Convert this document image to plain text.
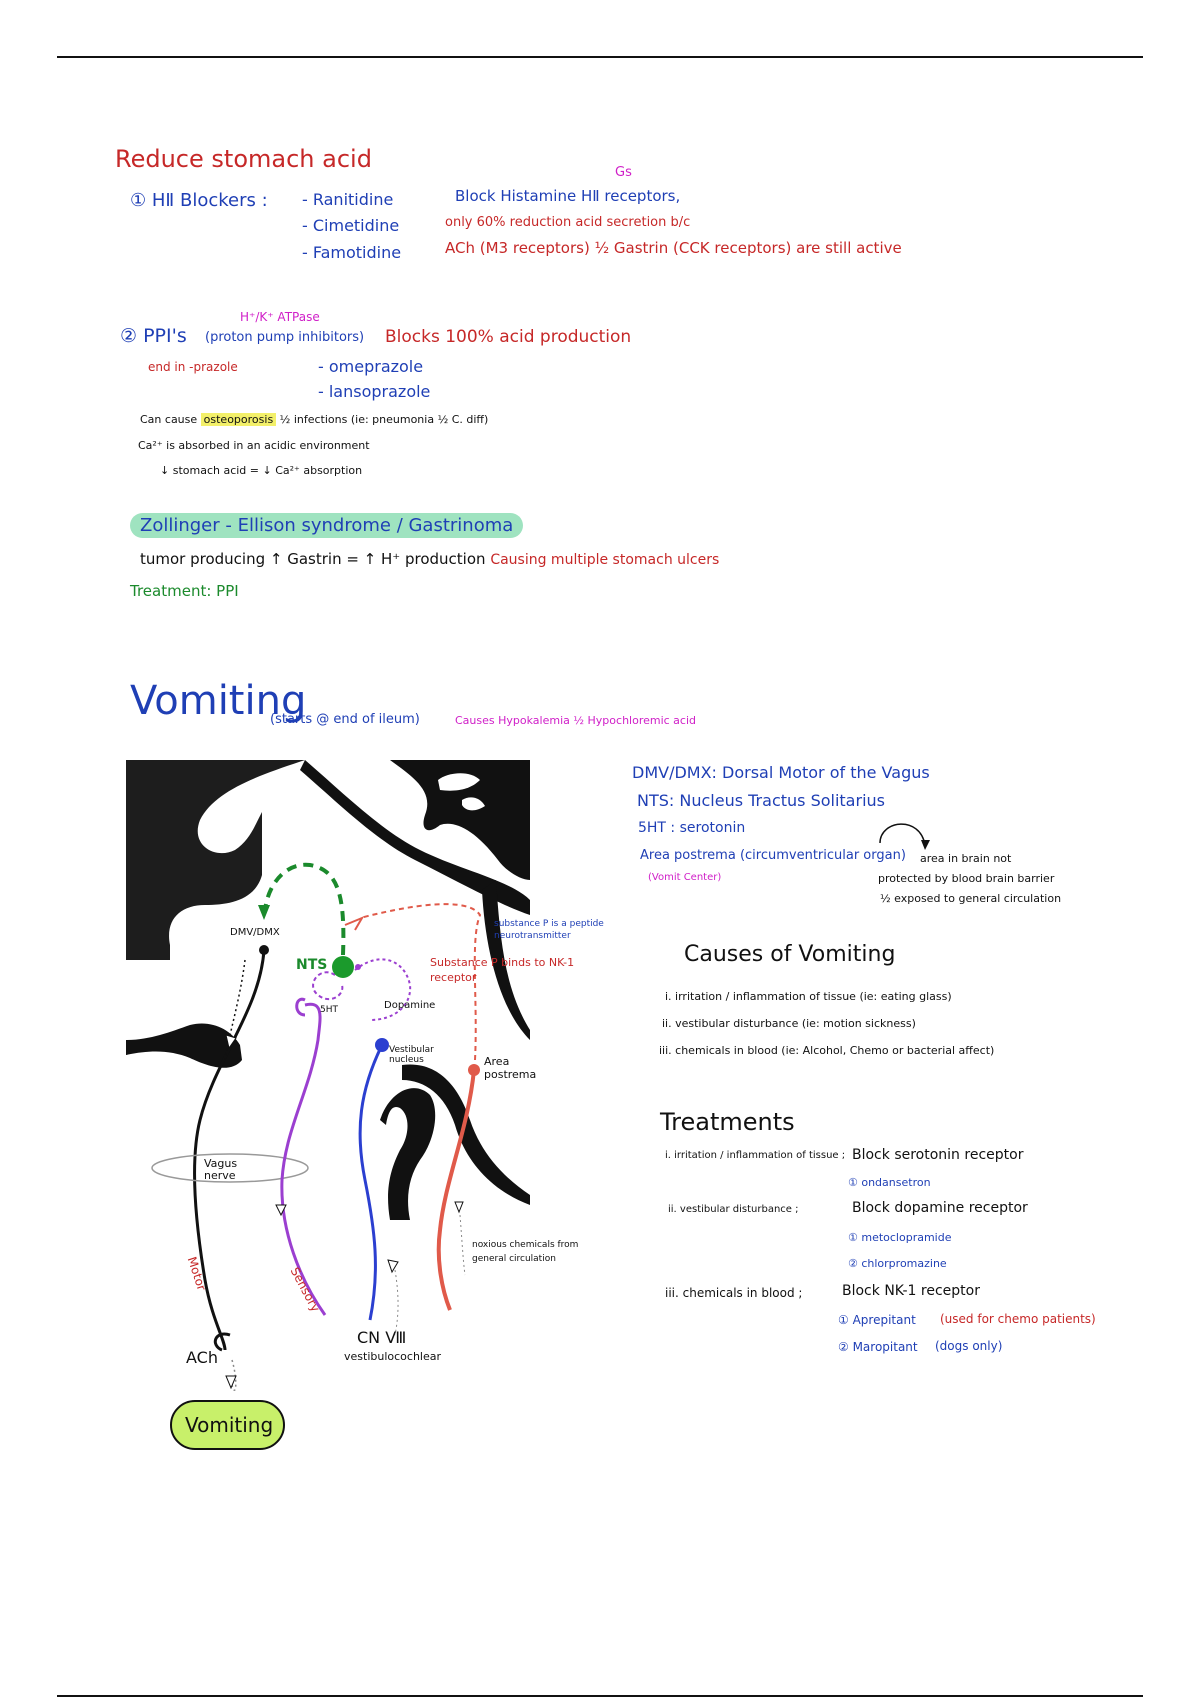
Reduce stomach acid
① HⅡ Blockers : - Ranitidine
- Cimetidine
- Famotidine
Gs
Block Histamine HⅡ receptors,
only 60% reduction acid secretion b/c
ACh (M3 receptors) ½ Gastrin (CCK receptors) are still active
H⁺/K⁺ ATPase
② PPI's (proton pump inhibitors) Blocks 100% acid production
end in -prazole	- omeprazole
- lansoprazole
Can cause osteoporosis ½ infections (ie: pneumonia ½ C. diff)
Ca²⁺ is absorbed in an acidic environment
↓ stomach acid = ↓ Ca²⁺ absorption
Zollinger - Ellison syndrome / Gastrinoma
tumor producing ↑ Gastrin = ↑ H⁺ production Causing multiple stomach ulcers
Treatment: PPI
Vomiting
(starts @ end of ileum)	Causes Hypokalemia ½ Hypochloremic acid
DMV/DMX: Dorsal Motor of the Vagus
NTS: Nucleus Tractus Solitarius
5HT : serotonin
Area postrema (circumventricular organ)
(Vomit Center)
area in brain not
protected by blood brain barrier
½ exposed to general circulation
Causes of Vomiting
i. irritation / inflammation of tissue (ie: eating glass)
ii. vestibular disturbance (ie: motion sickness)
iii. chemicals in blood (ie: Alcohol, Chemo or bacterial affect)
Treatments
i. irritation / inflammation of tissue ; Block serotonin receptor
① ondansetron
ii. vestibular disturbance ;	Block dopamine receptor
① metoclopramide
② chlorpromazine
iii. chemicals in blood ;	Block NK-1 receptor
① Aprepitant (used for chemo patients)
② Maropitant (dogs only)
DMV/DMX
NTS
5HT	Dopamine
Vestibular nucleus	Area postrema
substance P is a peptide neurotransmitter
Substance P binds to NK-1 receptor
Vagus nerve
Motor	Sensory
CN Ⅷ
vestibulocochlear
ACh
noxious chemicals from general circulation
Vomiting
